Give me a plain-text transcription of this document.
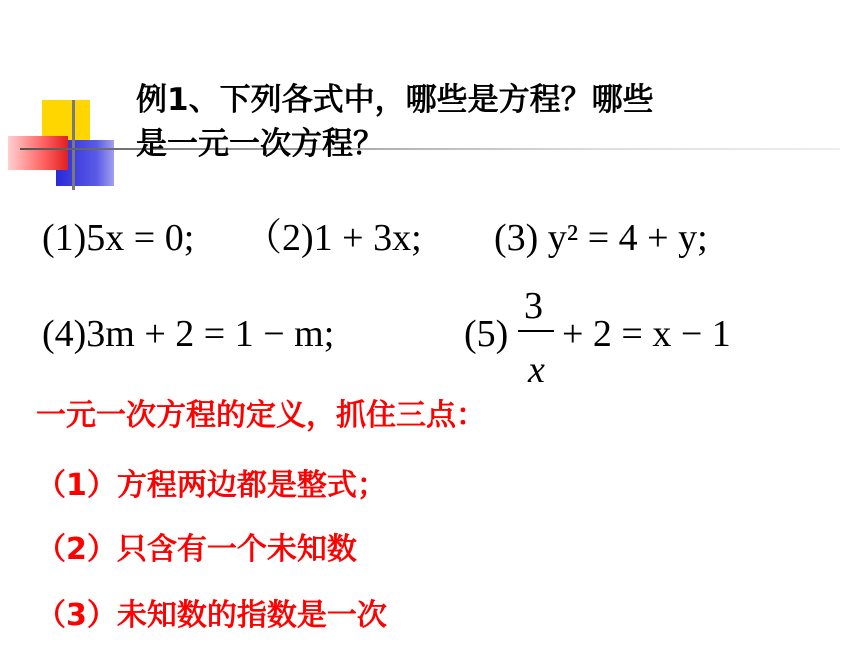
例1、下列各式中，哪些是方程？哪些
是一元一次方程？
(1)5x = 0; （2)1 + 3x; (3) y² = 4 + y;
(4)3m + 2 = 1 − m;	(5)
3
x
+ 2 = x − 1
一元一次方程的定义，抓住三点：
（1）方程两边都是整式；
（2）只含有一个未知数
（3）未知数的指数是一次
